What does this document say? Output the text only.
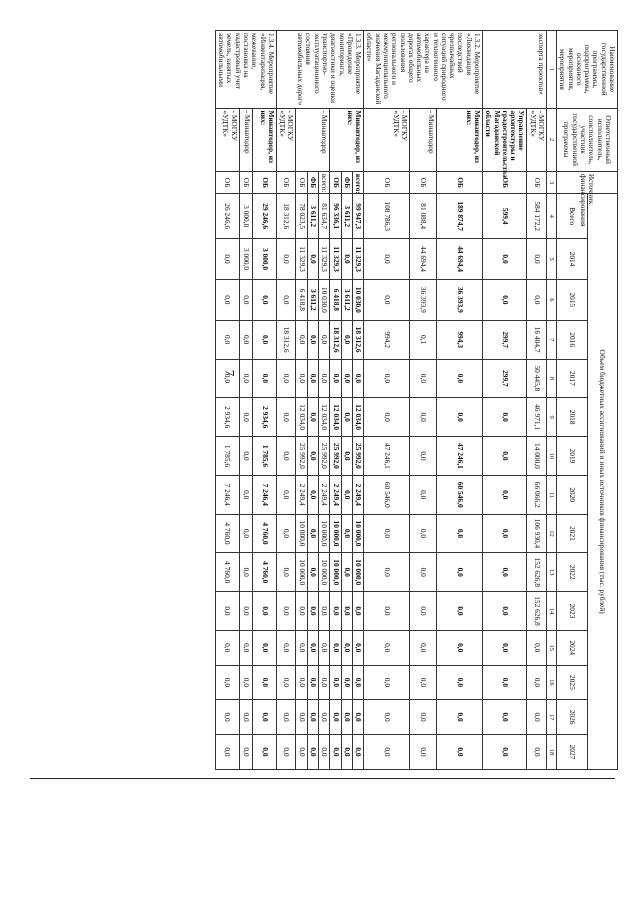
7
Наименование государственной программы, подпрограммы, основного мероприятия, мероприятия	Ответственный исполнитель, соисполнитель, участник государственной программы	Источник финансирования	Объем бюджетных ассигнований и иных источников финансирования (тыс. рублей)														
			Всего	2014	2015	2016	2017	2018	2019	2020	2021	2022	2023	2024	2025	2026	2027
1	2	3	4	5	6	7	8	9	10	11	12	13	14	15	16	17	18
экспорта проектов»	- МОГКУ «УДТК»	ОБ	584 172,2	0,0	0,0	16 404,7	50 445,8	46 971,1	14 000,0	66 066,2	106 930,4	152 626,8	152 626,8	0,0	0,0	0,0	0,0
	Управление архитектуры и градостроительства Магаданской области	ОБ	599,4	0,0	0,0	299,7	299,7	0,0	0,0	0,0	0,0	0,0	0,0	0,0	0,0	0,0	0,0
1.3.2. Мероприятие «Ликвидация последствий чрезвычайных ситуаций природного и техногенного характера на автомобильных дорогах общего пользования регионального и межмуниципального значения Магаданской области»	Минавтодор, из них:	ОБ	189 874,7	44 694,4	36 393,9	994,3	0,0	0,0	47 246,1	60 546,0	0,0	0,0	0,0	0,0	0,0	0,0	0,0
	- Минавтодор	ОБ	81 088,4	44 694,4	36 393,9	0,1	0,0	0,0	0,0	0,0	0,0	0,0	0,0	0,0	0,0	0,0	0,0
	- МОГКУ «УДТК»	ОБ	108 786,3	0,0	0,0	994,2	0,0	0,0	47 246,1	60 546,0	0,0	0,0	0,0	0,0	0,0	0,0	0,0
1.3.3. Мероприятие «Проведение мониторинга, диагностики и оценки транспортно-эксплуатационного состояния автомобильных дорог»	Минавтодор, из них:	всего:	99 947,3	11 329,3	10 030,0	18 312,6	0,0	12 034,0	25 992,0	2 249,4	10 000,0	10 000,0	0,0	0,0	0,0	0,0	0,0
		ФБ	3 611,2	0,0	3 611,2	0,0	0,0	0,0	0,0	0,0	0,0	0,0	0,0	0,0	0,0	0,0	0,0
		ОБ	96 336,1	11 329,3	6 418,8	18 312,6	0,0	12 034,0	25 992,0	2 249,4	10 000,0	10 000,0	0,0	0,0	0,0	0,0	0,0
	- Минавтодор	всего:	81 634,7	11 329,3	10 030,0	0,0	0,0	12 034,0	25 992,0	2 249,4	10 000,0	10 000,0	0,0	0,0	0,0	0,0	0,0
		ФБ	3 611,2	0,0	3 611,2	0,0	0,0	0,0	0,0	0,0	0,0	0,0	0,0	0,0	0,0	0,0	0,0
		ОБ	78 023,5	11 329,3	6 418,8	0,0	0,0	12 034,0	25 992,0	2 249,4	10 000,0	10 000,0	0,0	0,0	0,0	0,0	0,0
	- МОГКУ «УДТК»	ОБ	18 312,6	0,0	0,0	18 312,6	0,0	0,0	0,0	0,0	0,0	0,0	0,0	0,0	0,0	0,0	0,0
1.3.4. Мероприятие «Инвентаризация, межевание, постановка на кадастровый учет земель, занятых автомобильными	Минавтодор, из них:	ОБ	29 246,6	3 000,0	0,0	0,0	0,0	2 934,6	1 785,6	7 246,4	4 760,0	4 760,0	0,0	0,0	0,0	0,0	0,0
	- Минавтодор	ОБ	3 000,0	3 000,0	0,0	0,0	0,0	0,0	0,0	0,0	0,0	0,0	0,0	0,0	0,0	0,0	0,0
	- МОГКУ «УДТК»	ОБ	26 246,6	0,0	0,0	0,0	0,0	2 934,6	1 785,6	7 246,4	4 760,0	4 760,0	0,0	0,0	0,0	0,0	0,0
